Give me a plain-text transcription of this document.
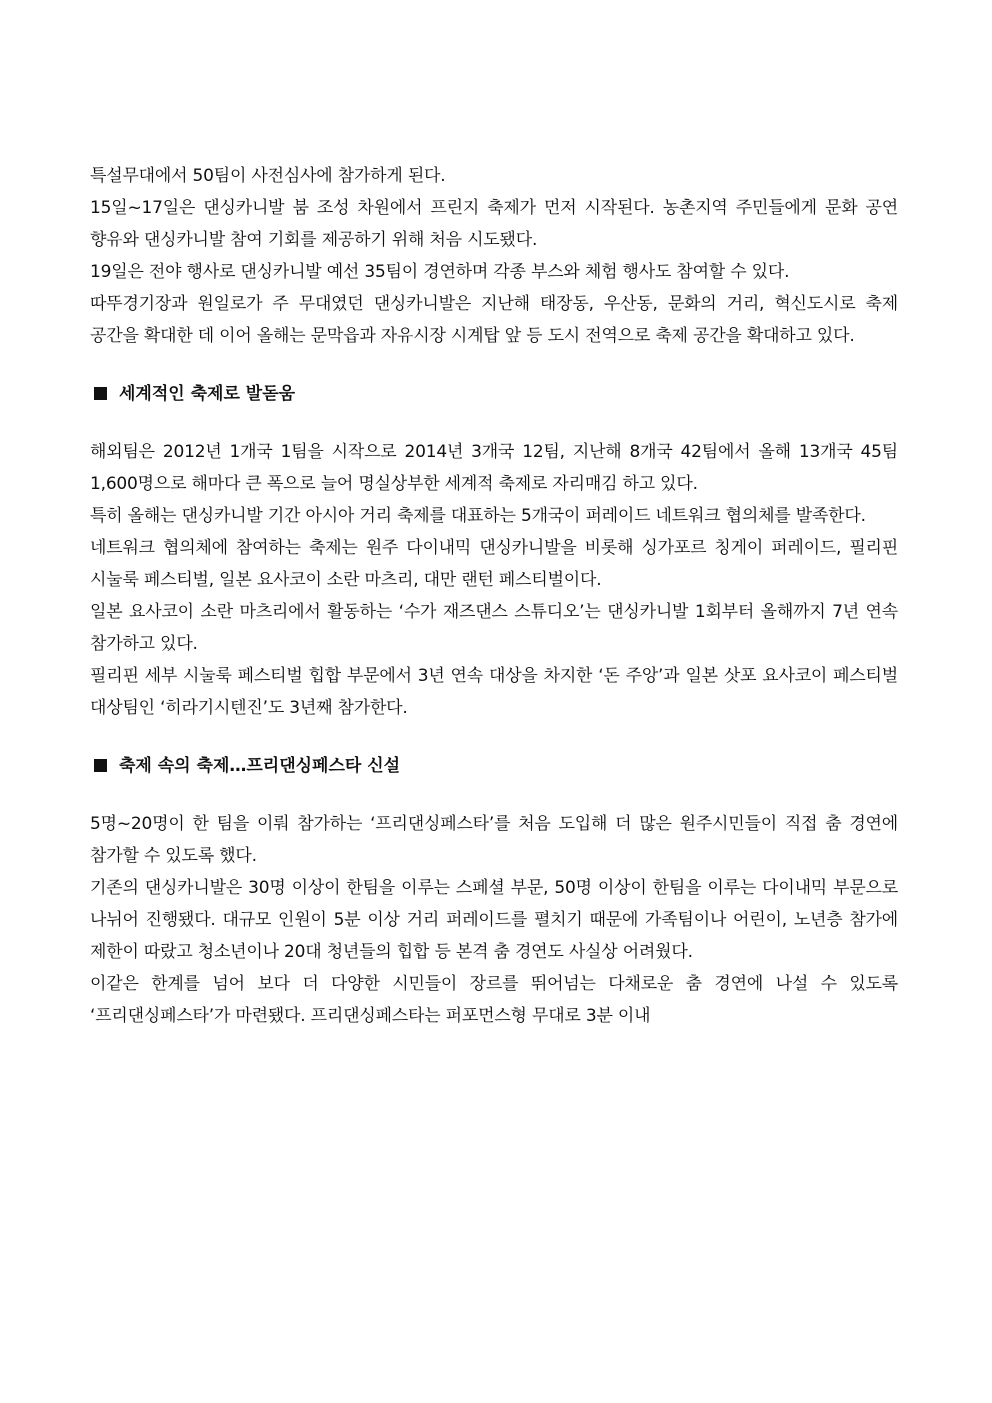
특설무대에서 50팀이 사전심사에 참가하게 된다.

15일~17일은 댄싱카니발 붐 조성 차원에서 프린지 축제가 먼저 시작된다. 농촌지역 주민들에게 문화 공연 향유와 댄싱카니발 참여 기회를 제공하기 위해 처음 시도됐다.

19일은 전야 행사로 댄싱카니발 예선 35팀이 경연하며 각종 부스와 체험 행사도 참여할 수 있다.

따뚜경기장과 원일로가 주 무대였던 댄싱카니발은 지난해 태장동, 우산동, 문화의 거리, 혁신도시로 축제 공간을 확대한 데 이어 올해는 문막읍과 자유시장 시계탑 앞 등 도시 전역으로 축제 공간을 확대하고 있다.

세계적인 축제로 발돋움

해외팀은 2012년 1개국 1팀을 시작으로 2014년 3개국 12팀, 지난해 8개국 42팀에서 올해 13개국 45팀 1,600명으로 해마다 큰 폭으로 늘어 명실상부한 세계적 축제로 자리매김 하고 있다.

특히 올해는 댄싱카니발 기간 아시아 거리 축제를 대표하는 5개국이 퍼레이드 네트워크 협의체를 발족한다.

네트워크 협의체에 참여하는 축제는 원주 다이내믹 댄싱카니발을 비롯해 싱가포르 칭게이 퍼레이드, 필리핀 시눌룩 페스티벌, 일본 요사코이 소란 마츠리, 대만 랜턴 페스티벌이다.

일본 요사코이 소란 마츠리에서 활동하는 ‘수가 재즈댄스 스튜디오’는 댄싱카니발 1회부터 올해까지 7년 연속 참가하고 있다.

필리핀 세부 시눌룩 페스티벌 힙합 부문에서 3년 연속 대상을 차지한 ‘돈 주앙’과 일본 삿포 요사코이 페스티벌 대상팀인 ‘히라기시텐진’도 3년째 참가한다.

축제 속의 축제…프리댄싱페스타 신설

5명~20명이 한 팀을 이뤄 참가하는 ‘프리댄싱페스타’를 처음 도입해 더 많은 원주시민들이 직접 춤 경연에 참가할 수 있도록 했다.

기존의 댄싱카니발은 30명 이상이 한팀을 이루는 스페셜 부문, 50명 이상이 한팀을 이루는 다이내믹 부문으로 나뉘어 진행됐다. 대규모 인원이 5분 이상 거리 퍼레이드를 펼치기 때문에 가족팀이나 어린이, 노년층 참가에 제한이 따랐고 청소년이나 20대 청년들의 힙합 등 본격 춤 경연도 사실상 어려웠다.

이같은 한계를 넘어 보다 더 다양한 시민들이 장르를 뛰어넘는 다채로운 춤 경연에 나설 수 있도록 ‘프리댄싱페스타’가 마련됐다. 프리댄싱페스타는 퍼포먼스형 무대로 3분 이내
